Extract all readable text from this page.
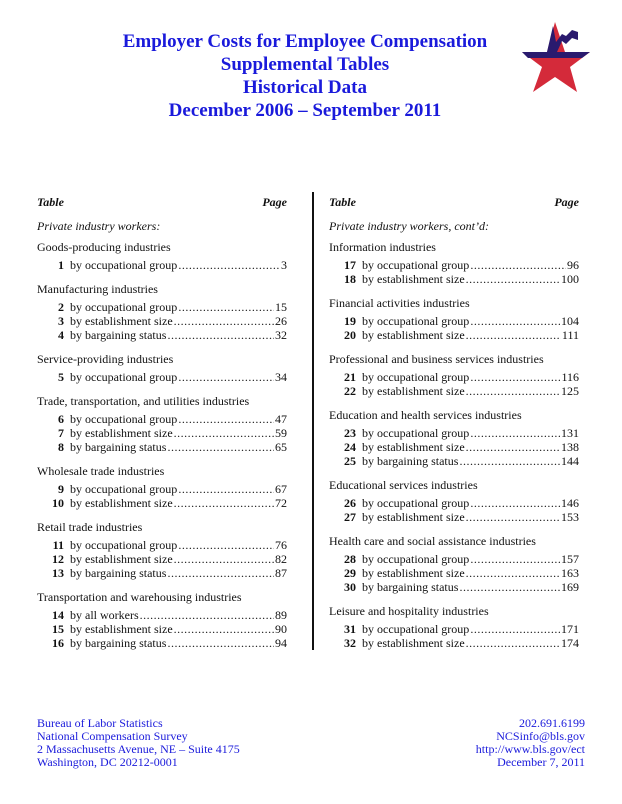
Employer Costs for Employee Compensation
Supplemental Tables
Historical Data
December 2006 – September 2011
Table	Page
Private industry workers:
Goods-producing industries
1 by occupational group .....	3
Manufacturing industries
2 by occupational group .....	15
3 by establishment size .....	26
4 by bargaining status .....	32
Service-providing industries
5 by occupational group .....	34
Trade, transportation, and utilities industries
6 by occupational group .....	47
7 by establishment size .....	59
8 by bargaining status .....	65
Wholesale trade industries
9 by occupational group .....	67
10 by establishment size .....	72
Retail trade industries
11 by occupational group .....	76
12 by establishment size .....	82
13 by bargaining status .....	87
Transportation and warehousing industries
14 by all workers .....	89
15 by establishment size .....	90
16 by bargaining status .....	94
Table	Page
Private industry workers, cont’d:
Information industries
17 by occupational group .....	96
18 by establishment size .....	100
Financial activities industries
19 by occupational group .....	104
20 by establishment size .....	111
Professional and business services industries
21 by occupational group .....	116
22 by establishment size .....	125
Education and health services industries
23 by occupational group .....	131
24 by establishment size .....	138
25 by bargaining status .....	144
Educational services industries
26 by occupational group .....	146
27 by establishment size .....	153
Health care and social assistance industries
28 by occupational group .....	157
29 by establishment size .....	163
30 by bargaining status .....	169
Leisure and hospitality industries
31 by occupational group .....	171
32 by establishment size .....	174
Bureau of Labor Statistics
National Compensation Survey
2 Massachusetts Avenue, NE – Suite 4175
Washington, DC 20212-0001
202.691.6199
NCSinfo@bls.gov
http://www.bls.gov/ect
December 7, 2011
